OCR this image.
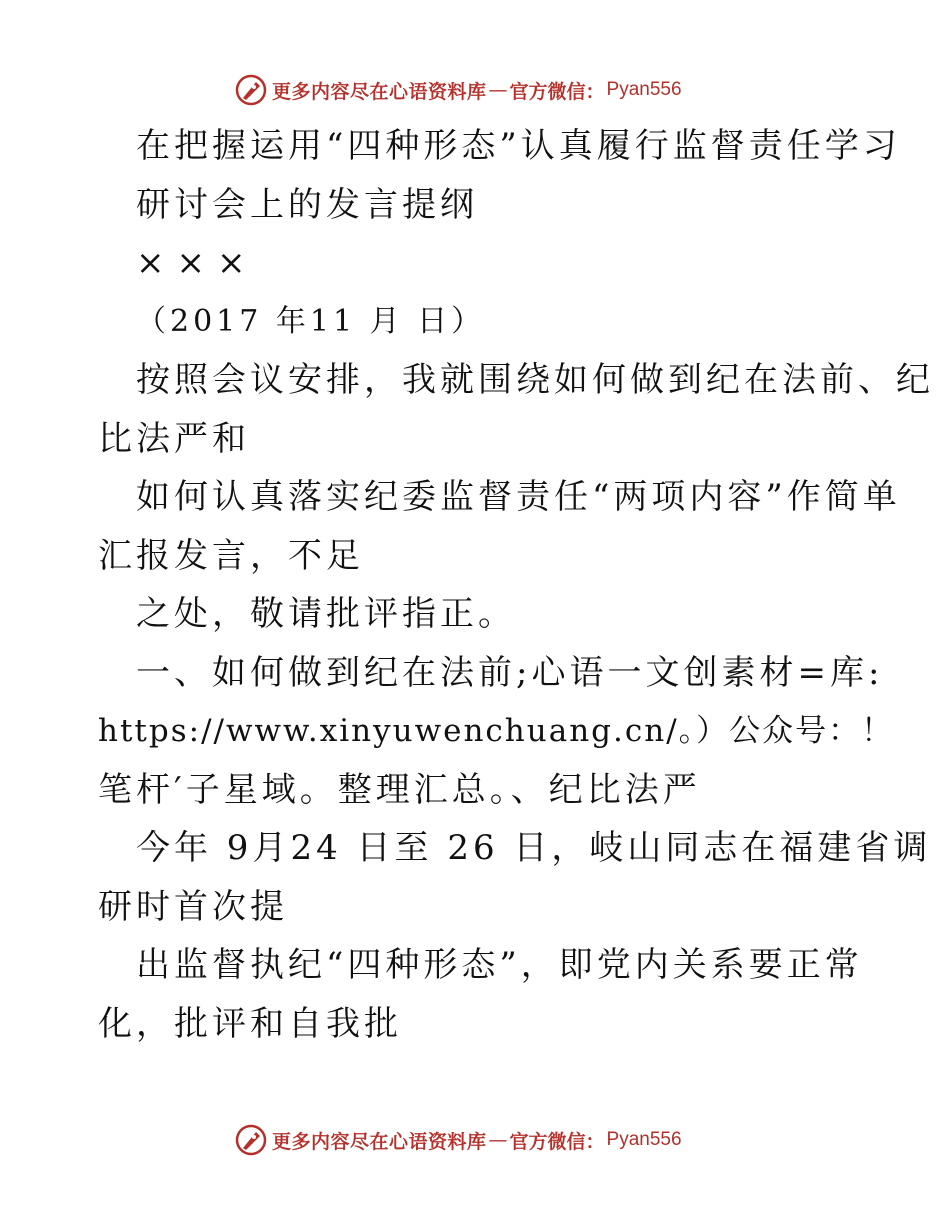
更多内容尽在心语资料库 — 官方微信： Pyan556
在把握运用“四种形态”认真履行监督责任学习
研讨会上的发言提纲
×××
（2017 年11 月 日）
按照会议安排，我就围绕如何做到纪在法前、纪
比法严和
如何认真落实纪委监督责任“两项内容”作简单
汇报发言，不足
之处，敬请批评指正。
一、如何做到纪在法前;心语一文创素材=库:
https://www.xinyuwenchuang.cn/。）公众号：！
笔杆′子星域。整理汇总。、纪比法严
今年 9月24 日至 26 日，岐山同志在福建省调
研时首次提
出监督执纪“四种形态”，即党内关系要正常
化，批评和自我批
更多内容尽在心语资料库 — 官方微信： Pyan556
